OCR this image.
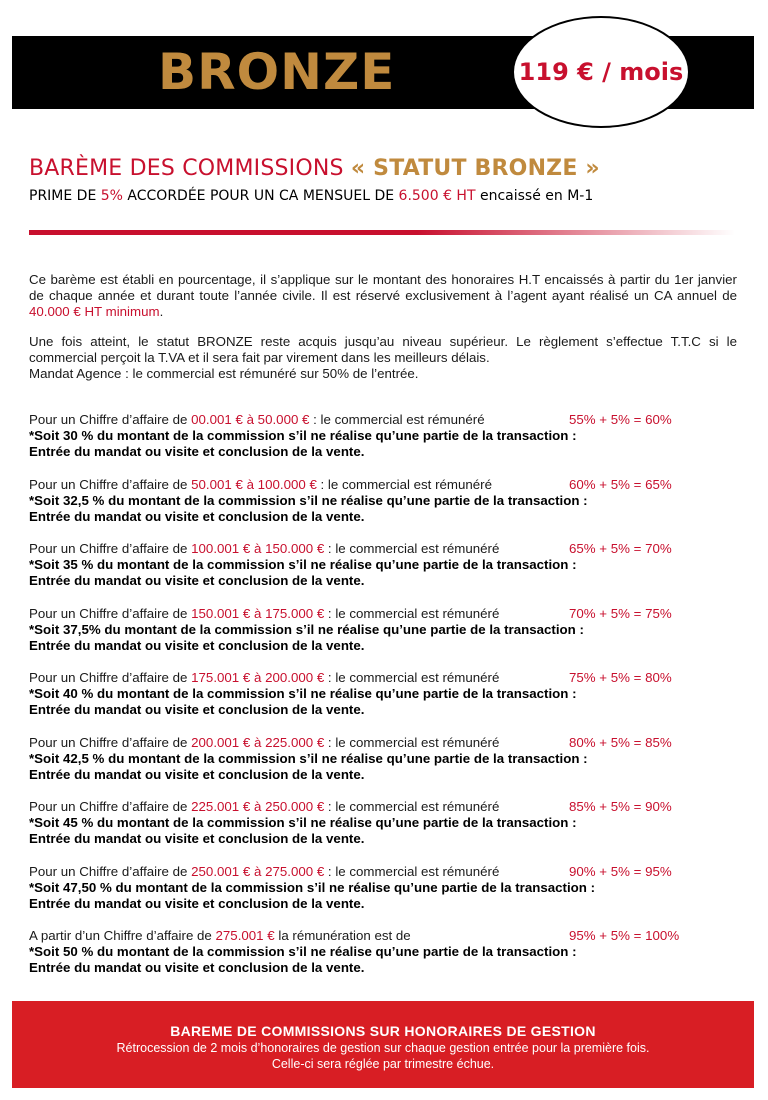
BRONZE	119 € / mois
BARÈME DES COMMISSIONS « STATUT BRONZE »

PRIME DE 5% ACCORDÉE POUR UN CA MENSUEL DE 6.500 € HT encaissé en M-1

Ce barème est établi en pourcentage, il s’applique sur le montant des honoraires H.T encaissés à partir du 1er janvier de chaque année et durant toute l’année civile. Il est réservé exclusivement à l’agent ayant réalisé un CA annuel de 40.000 € HT minimum.

Une fois atteint, le statut BRONZE reste acquis jusqu’au niveau supérieur. Le règlement s’effectue T.T.C si le commercial perçoit la T.VA et il sera fait par virement dans les meilleurs délais.
Mandat Agence : le commercial est rémunéré sur 50% de l’entrée.
Pour un Chiffre d’affaire de 00.001 € à 50.000 € : le commercial est rémunéré	55% + 5% = 60%
*Soit 30 % du montant de la commission s’il ne réalise qu’une partie de la transaction :
Entrée du mandat ou visite et conclusion de la vente.
Pour un Chiffre d’affaire de 50.001 € à 100.000 € : le commercial est rémunéré	60% + 5% = 65%
*Soit 32,5 % du montant de la commission s’il ne réalise qu’une partie de la transaction :
Entrée du mandat ou visite et conclusion de la vente.
Pour un Chiffre d’affaire de 100.001 € à 150.000 € : le commercial est rémunéré	65% + 5% = 70%
*Soit 35 % du montant de la commission s’il ne réalise qu’une partie de la transaction :
Entrée du mandat ou visite et conclusion de la vente.
Pour un Chiffre d’affaire de 150.001 € à 175.000 € : le commercial est rémunéré	70% + 5% = 75%
*Soit 37,5% du montant de la commission s’il ne réalise qu’une partie de la transaction :
Entrée du mandat ou visite et conclusion de la vente.
Pour un Chiffre d’affaire de 175.001 € à 200.000 € : le commercial est rémunéré	75% + 5% = 80%
*Soit 40 % du montant de la commission s’il ne réalise qu’une partie de la transaction :
Entrée du mandat ou visite et conclusion de la vente.
Pour un Chiffre d’affaire de 200.001 € à 225.000 € : le commercial est rémunéré	80% + 5% = 85%
*Soit 42,5 % du montant de la commission s’il ne réalise qu’une partie de la transaction :
Entrée du mandat ou visite et conclusion de la vente.
Pour un Chiffre d’affaire de 225.001 € à 250.000 € : le commercial est rémunéré	85% + 5% = 90%
*Soit 45 % du montant de la commission s’il ne réalise qu’une partie de la transaction :
Entrée du mandat ou visite et conclusion de la vente.
Pour un Chiffre d’affaire de 250.001 € à 275.000 € : le commercial est rémunéré	90% + 5% = 95%
*Soit 47,50 % du montant de la commission s’il ne réalise qu’une partie de la transaction :
Entrée du mandat ou visite et conclusion de la vente.
A partir d’un Chiffre d’affaire de 275.001 € la rémunération est de	95% + 5% = 100%
*Soit 50 % du montant de la commission s’il ne réalise qu’une partie de la transaction :
Entrée du mandat ou visite et conclusion de la vente.
BAREME DE COMMISSIONS SUR HONORAIRES DE GESTION
Rétrocession de 2 mois d’honoraires de gestion sur chaque gestion entrée pour la première fois.
Celle-ci sera réglée par trimestre échue.
